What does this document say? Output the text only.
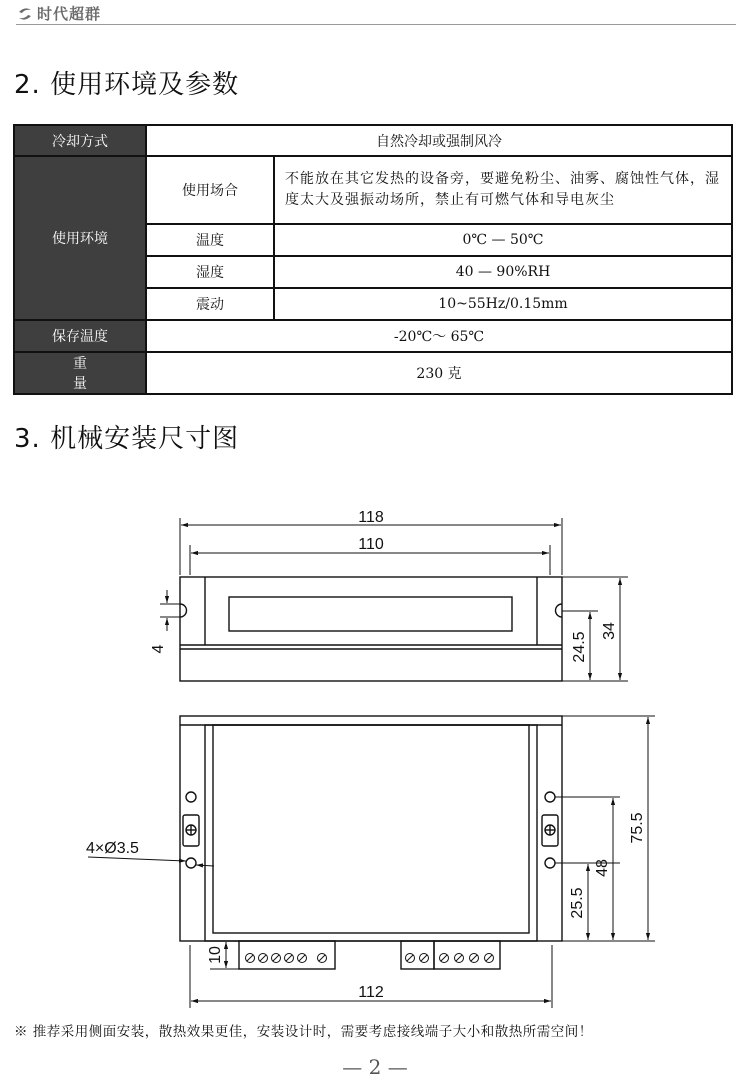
时代超群
2. 使用环境及参数
冷却方式	自然冷却或强制风冷	
使用环境	使用场合	不能放在其它发热的设备旁，要避免粉尘、油雾、腐蚀性气体，湿度太大及强振动场所，禁止有可燃气体和导电灰尘

	温度	0℃ — 50℃
	湿度	40 — 90%RH
	震动	10~55Hz/0.15mm
保存温度	-20℃～ 65℃	
重量	230 克	
3. 机械安装尺寸图
118
110
4	24.5
34
4×Ø3.5
75.5
48
25.5
10
112
※ 推荐采用侧面安装，散热效果更佳，安装设计时，需要考虑接线端子大小和散热所需空间！
— 2 —
